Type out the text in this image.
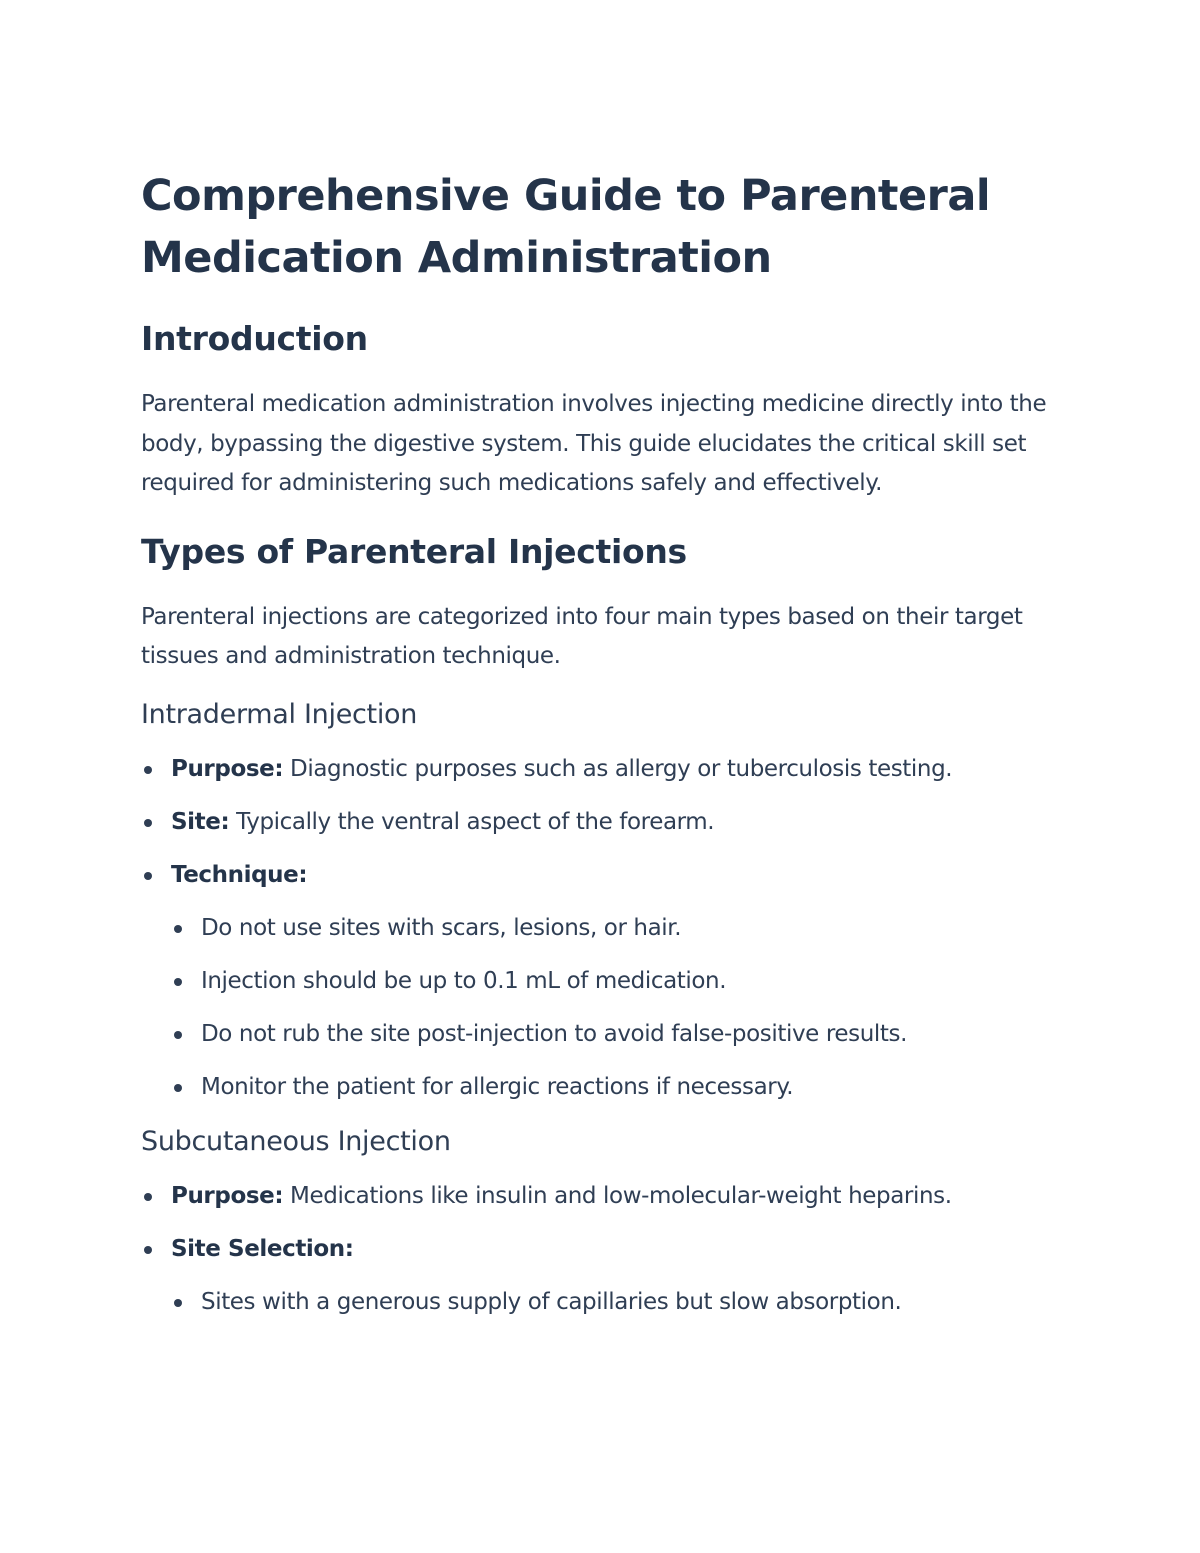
Comprehensive Guide to Parenteral
Medication Administration
Introduction

Parenteral medication administration involves injecting medicine directly into the body, bypassing the digestive system. This guide elucidates the critical skill set required for administering such medications safely and effectively.

Types of Parenteral Injections

Parenteral injections are categorized into four main types based on their target tissues and administration technique.

Intradermal Injection
Purpose: Diagnostic purposes such as allergy or tuberculosis testing.
Site: Typically the ventral aspect of the forearm.
Technique:
Do not use sites with scars, lesions, or hair.
Injection should be up to 0.1 mL of medication.
Do not rub the site post-injection to avoid false-positive results.
Monitor the patient for allergic reactions if necessary.
Subcutaneous Injection
Purpose: Medications like insulin and low-molecular-weight heparins.
Site Selection:
Sites with a generous supply of capillaries but slow absorption.
